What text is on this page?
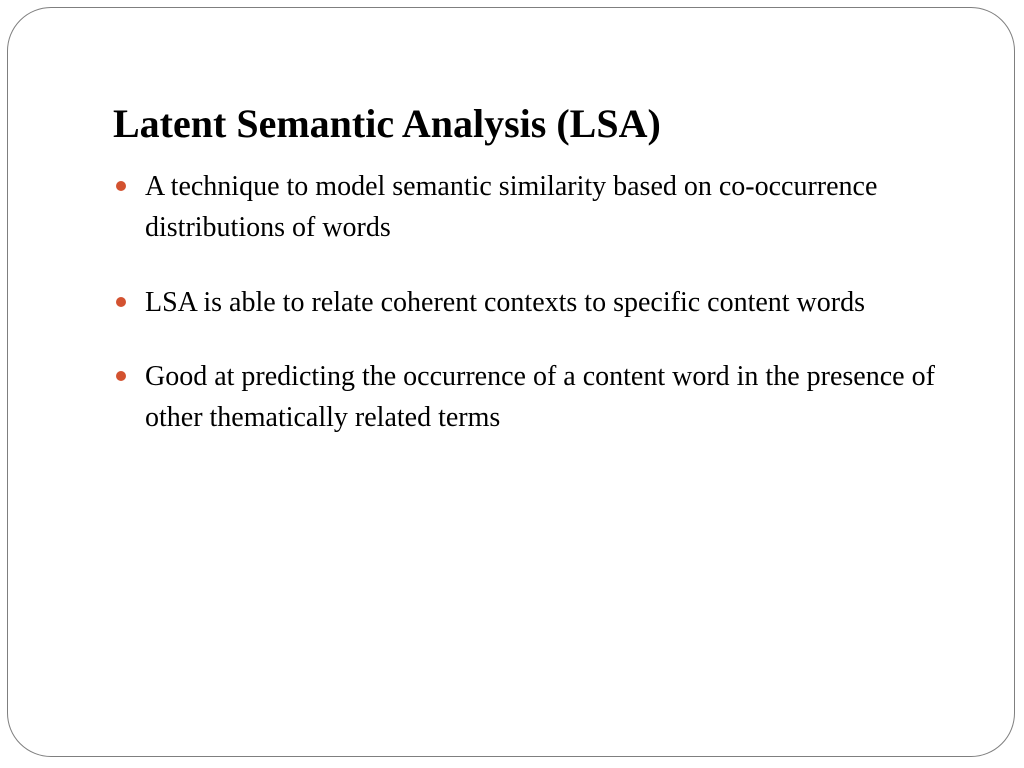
Latent Semantic Analysis (LSA)
A technique to model semantic similarity based on co-occurrence distributions of words
LSA is able to relate coherent contexts to specific content words
Good at predicting the occurrence of a content word in the presence of other thematically related terms
